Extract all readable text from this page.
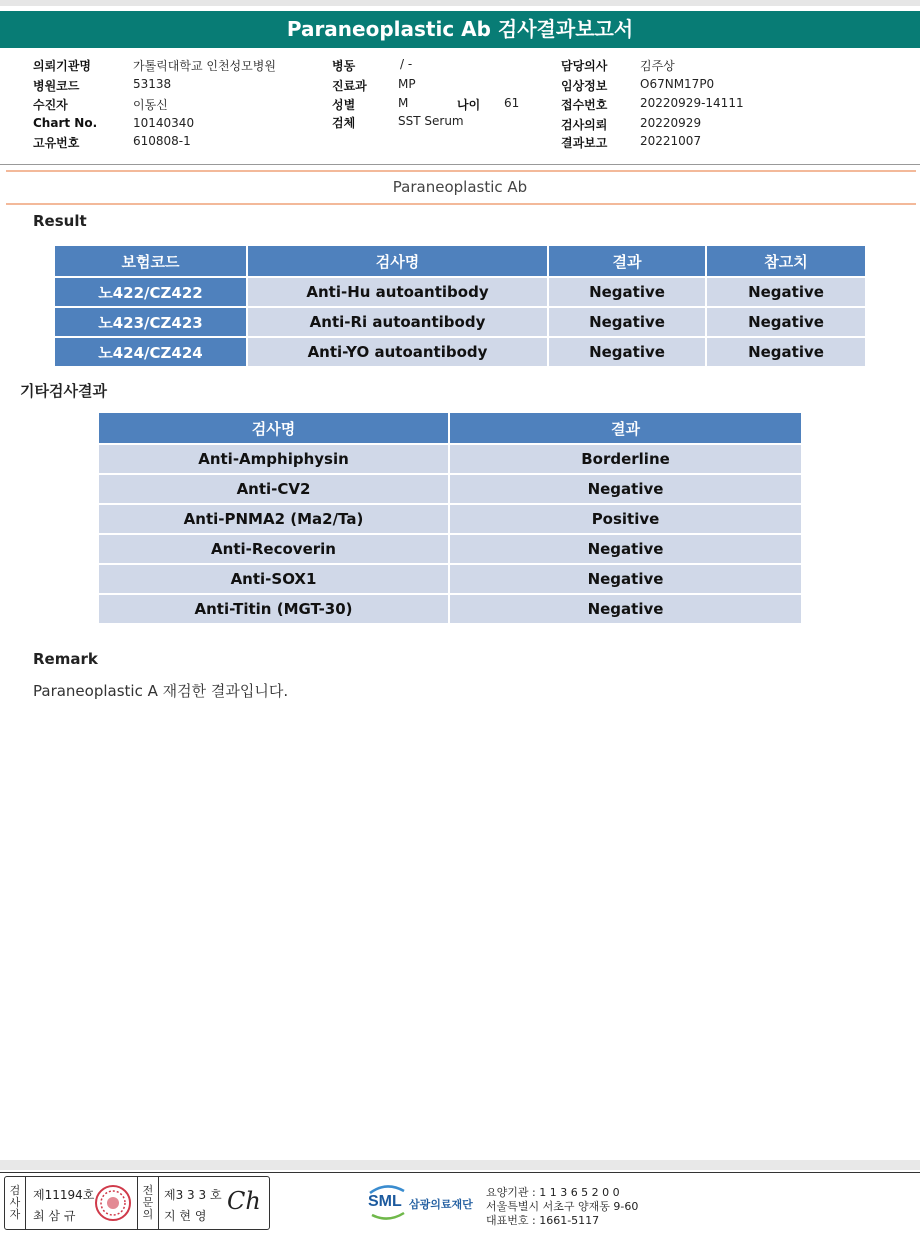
Paraneoplastic Ab 검사결과보고서
의뢰기관명	가톨릭대학교 인천성모병원
병원코드	53138
수진자	이동신
Chart No.	10140340
고유번호	610808-1
병동	/ -
진료과	MP
성별	M	나이 61
검체	SST Serum
담당의사	김주상
임상정보	O67NM17P0
접수번호	20220929-14111
검사의뢰	20220929
결과보고	20221007
Paraneoplastic Ab
Result
보험코드	검사명	결과	참고치
노422/CZ422	Anti-Hu autoantibody	Negative	Negative
노423/CZ423	Anti-Ri autoantibody	Negative	Negative
노424/CZ424	Anti-YO autoantibody	Negative	Negative
기타검사결과
검사명	결과
Anti-Amphiphysin	Borderline
Anti-CV2	Negative
Anti-PNMA2 (Ma2/Ta)	Positive
Anti-Recoverin	Negative
Anti-SOX1	Negative
Anti-Titin (MGT-30)	Negative
Remark
Paraneoplastic A 재검한 결과입니다.
검사자
제11194호
최 삼 규
전문의
제3 3 3 호
지 현 영
Ch	SML 삼광의료재단
요양기관 : 1 1 3 6 5 2 0 0
서울특별시 서초구 양재동 9-60
대표번호 : 1661-5117
